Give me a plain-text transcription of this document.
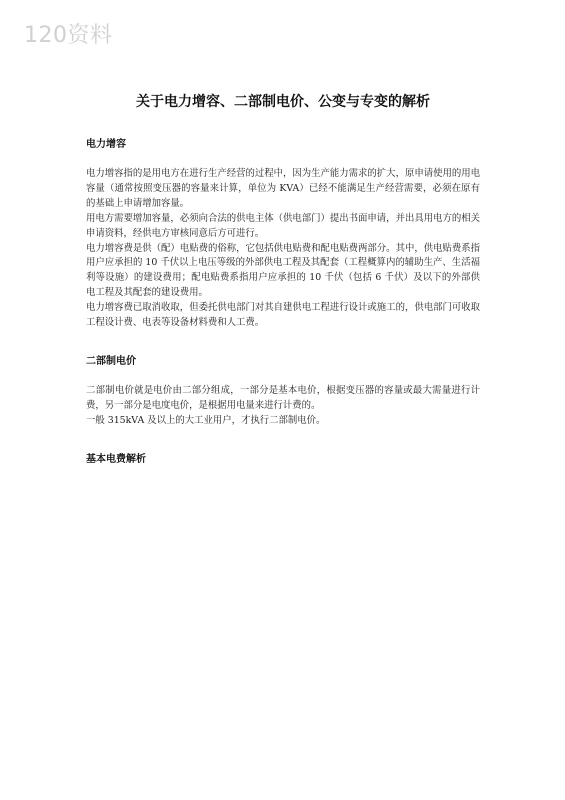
120资料
关于电力增容、二部制电价、公变与专变的解析
电力增容

电力增容指的是用电方在进行生产经营的过程中，因为生产能力需求的扩大，原申请使用的用电容量（通常按照变压器的容量来计算，单位为 KVA）已经不能满足生产经营需要，必须在原有的基础上申请增加容量。

用电方需要增加容量，必须向合法的供电主体（供电部门）提出书面申请，并出具用电方的相关申请资料，经供电方审核同意后方可进行。

电力增容费是供（配）电贴费的俗称，它包括供电贴费和配电贴费两部分。其中，供电贴费系指用户应承担的 10 千伏以上电压等级的外部供电工程及其配套（工程概算内的辅助生产、生活福利等设施）的建设费用；配电贴费系指用户应承担的 10 千伏（包括 6 千伏）及以下的外部供电工程及其配套的建设费用。

电力增容费已取消收取，但委托供电部门对其自建供电工程进行设计或施工的，供电部门可收取工程设计费、电表等设备材料费和人工费。

二部制电价

二部制电价就是电价由二部分组成，一部分是基本电价，根据变压器的容量或最大需量进行计费，另一部分是电度电价，是根据用电量来进行计费的。

一般 315kVA 及以上的大工业用户，才执行二部制电价。

基本电费解析
